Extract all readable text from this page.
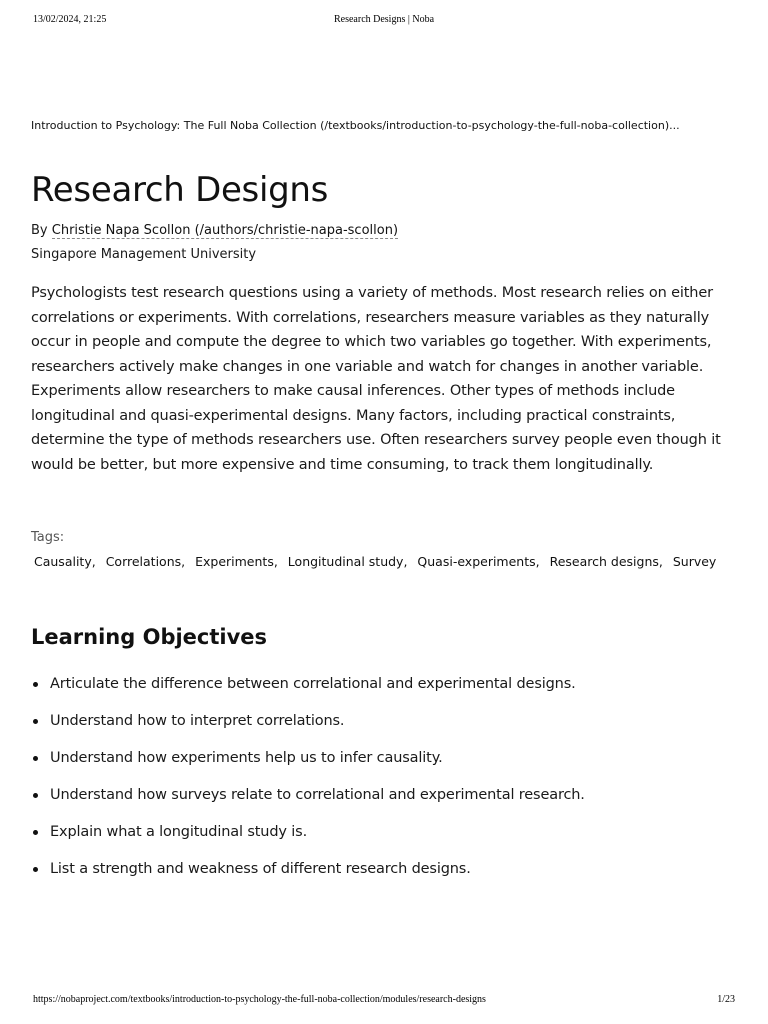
13/02/2024, 21:25	Research Designs | Noba
Introduction to Psychology: The Full Noba Collection (/textbooks/introduction-to-psychology-the-full-noba-collection)...
Research Designs
By Christie Napa Scollon (/authors/christie-napa-scollon)
Singapore Management University

Psychologists test research questions using a variety of methods. Most research relies on either correlations or experiments. With correlations, researchers measure variables as they naturally occur in people and compute the degree to which two variables go together. With experiments, researchers actively make changes in one variable and watch for changes in another variable. Experiments allow researchers to make causal inferences. Other types of methods include longitudinal and quasi-experimental designs. Many factors, including practical constraints, determine the type of methods researchers use. Often researchers survey people even though it would be better, but more expensive and time consuming, to track them longitudinally.

Tags:
Causality, Correlations, Experiments, Longitudinal study, Quasi-experiments, Research designs, Survey
Learning Objectives
Articulate the difference between correlational and experimental designs.
Understand how to interpret correlations.
Understand how experiments help us to infer causality.
Understand how surveys relate to correlational and experimental research.
Explain what a longitudinal study is.
List a strength and weakness of different research designs.
https://nobaproject.com/textbooks/introduction-to-psychology-the-full-noba-collection/modules/research-designs	1/23
